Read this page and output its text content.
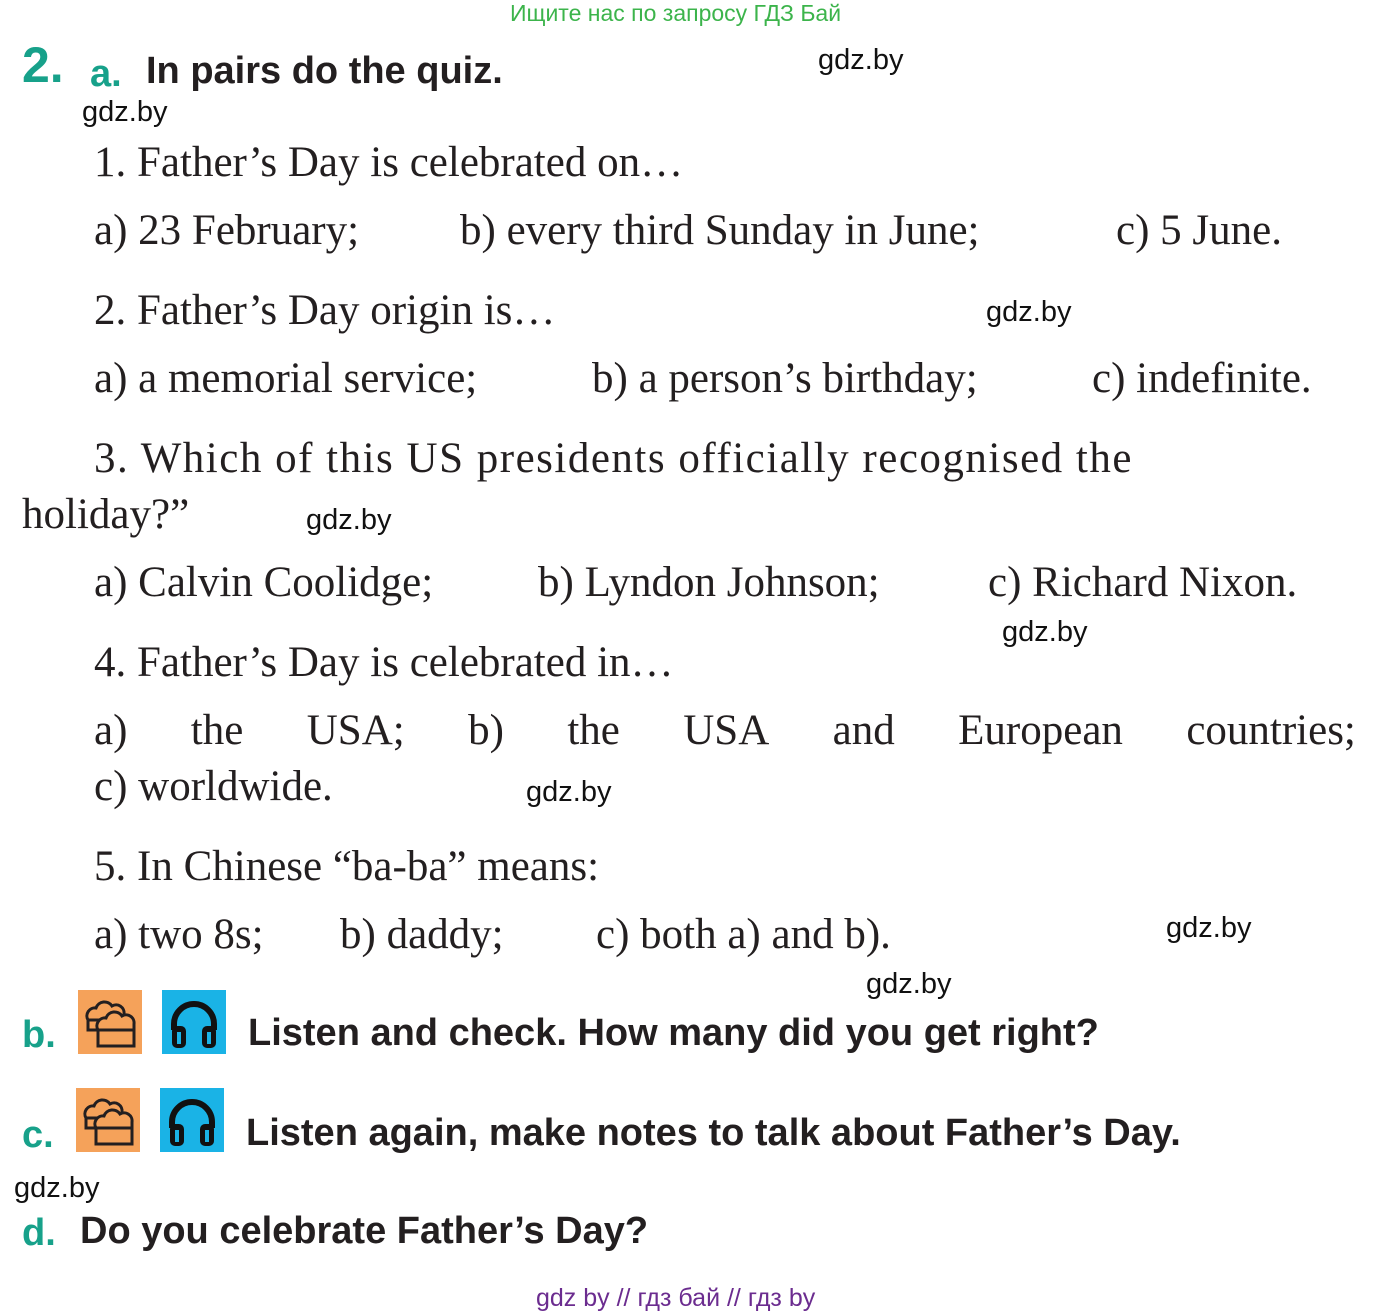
Ищите нас по запросу ГДЗ Бай
2. a. In pairs do the quiz.	gdz.by
gdz.by
gdz.by
gdz.by
gdz.by
gdz.by
gdz.by
gdz.by
gdz.by
1. Father’s Day is celebrated on…
a) 23 February; b) every third Sunday in June;	c) 5 June.
2. Father’s Day origin is…
a) a memorial service;	b) a person’s birthday;	c) indefinite.
3. Which of this US presidents officially recognised the
holiday?”
a) Calvin Coolidge; b) Lyndon Johnson;	c) Richard Nixon.
4. Father’s Day is celebrated in…
a) the USA; b) the USA and European countries;
c) worldwide.
5. In Chinese “ba-ba” means:
a) two 8s; b) daddy; c) both a) and b).
b.	Listen and check. How many did you get right?
c.	Listen again, make notes to talk about Father’s Day.
d. Do you celebrate Father’s Day?
gdz by // гдз бай // гдз by
